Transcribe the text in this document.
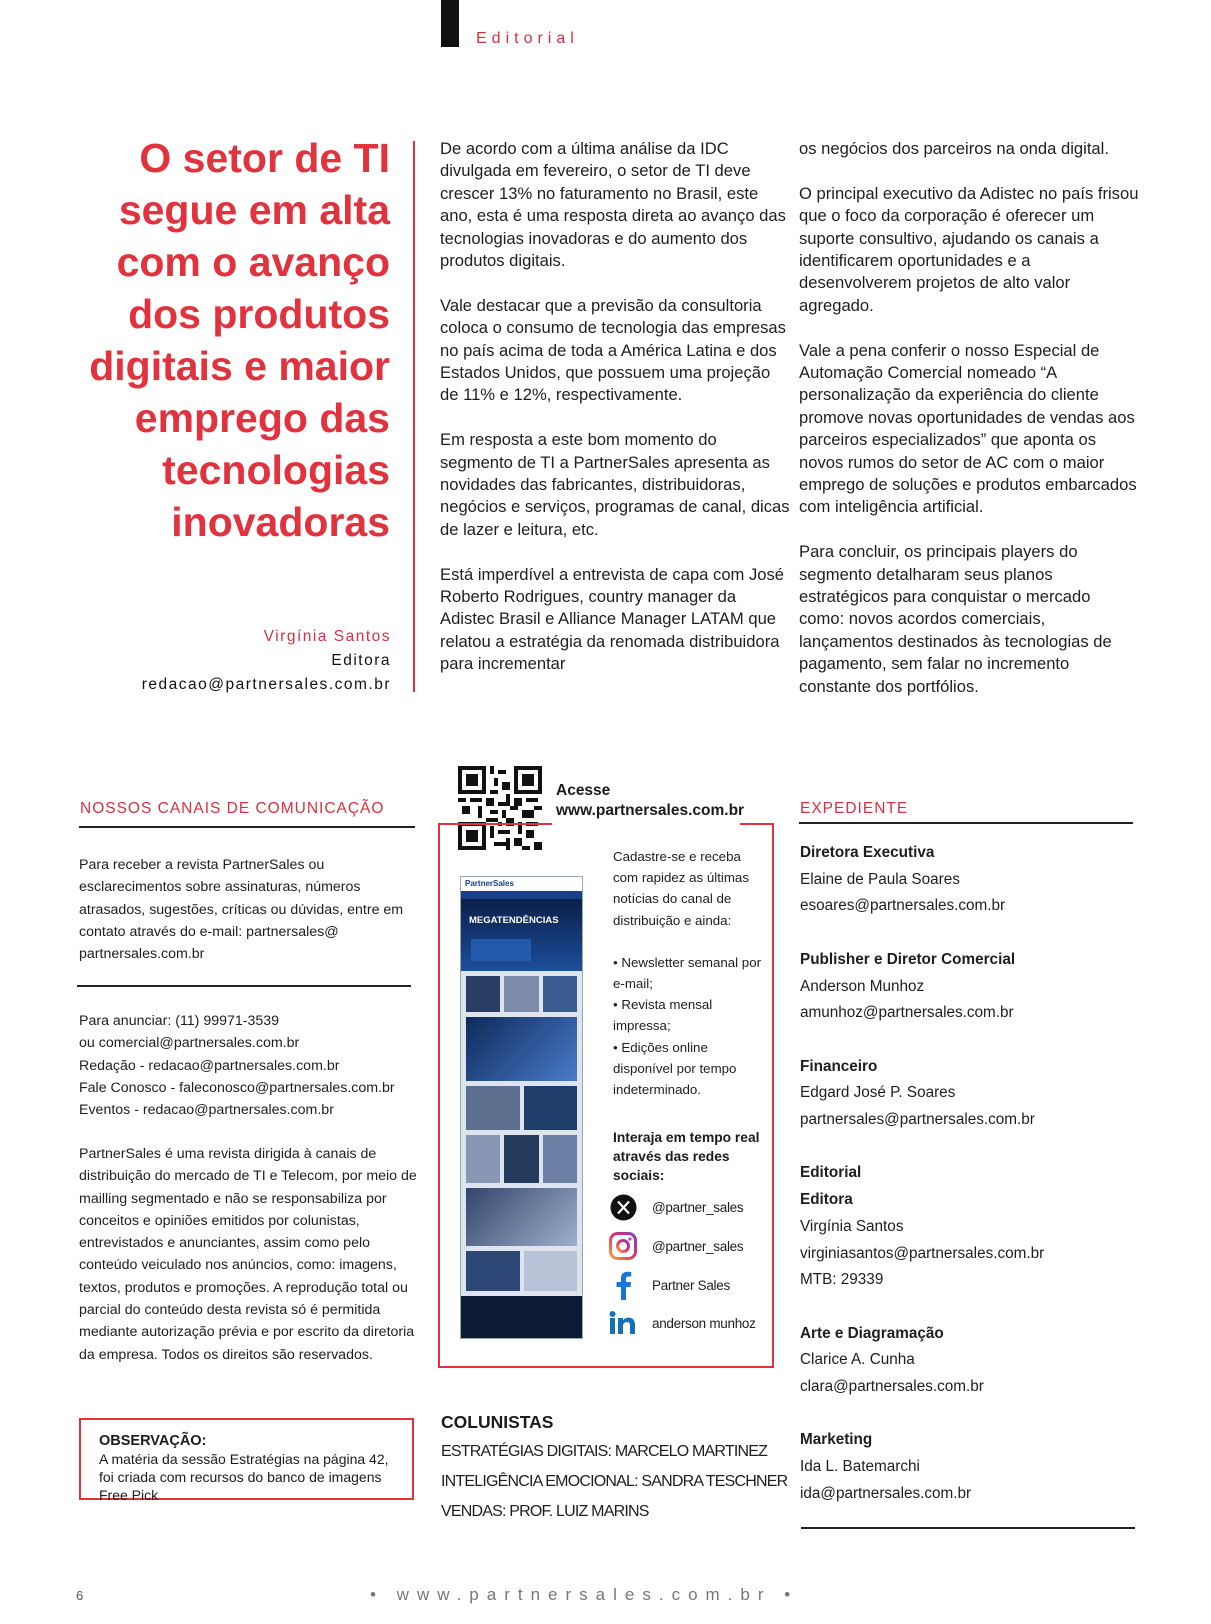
Editorial
O setor de TI
segue em alta
com o avanço
dos produtos
digitais e maior
emprego das
tecnologias
inovadoras
Virgínia Santos
Editora
redacao@partnersales.com.br

De acordo com a última análise da IDC divulgada em fevereiro, o setor de TI deve crescer 13% no faturamento no Brasil, este ano, esta é uma resposta direta ao avanço das tecnologias inovadoras e do aumento dos produtos digitais.

Vale destacar que a previsão da consultoria coloca o consumo de tecnologia das empresas no país acima de toda a América Latina e dos Estados Unidos, que possuem uma projeção de 11% e 12%, respectivamente.

Em resposta a este bom momento do segmento de TI a PartnerSales apresenta as novidades das fabricantes, distribuidoras, negócios e serviços, programas de canal, dicas de lazer e leitura, etc.

Está imperdível a entrevista de capa com José Roberto Rodrigues, country manager da Adistec Brasil e Alliance Manager LATAM que relatou a estratégia da renomada distribuidora para incrementar

os negócios dos parceiros na onda digital.

O principal executivo da Adistec no país frisou que o foco da corporação é oferecer um suporte consultivo, ajudando os canais a identificarem oportunidades e a desenvolverem projetos de alto valor agregado.

Vale a pena conferir o nosso Especial de Automação Comercial nomeado “A personalização da experiência do cliente promove novas oportunidades de vendas aos parceiros especializados” que aponta os novos rumos do setor de AC com o maior emprego de soluções e produtos embarcados com inteligência artificial.

Para concluir, os principais players do segmento detalharam seus planos estratégicos para conquistar o mercado como: novos acordos comerciais, lançamentos destinados às tecnologias de pagamento, sem falar no incremento constante dos portfólios.

NOSSOS CANAIS DE COMUNICAÇÃO
Para receber a revista PartnerSales ou esclarecimentos sobre assinaturas, números atrasados, sugestões, críticas ou dúvidas, entre em contato através do e-mail: partnersales@ partnersales.com.br

Para anunciar: (11) 99971-3539

ou comercial@partnersales.com.br

Redação - redacao@partnersales.com.br

Fale Conosco - faleconosco@partnersales.com.br

Eventos - redacao@partnersales.com.br

PartnerSales é uma revista dirigida à canais de distribuição do mercado de TI e Telecom, por meio de mailling segmentado e não se responsabiliza por conceitos e opiniões emitidos por colunistas, entrevistados e anunciantes, assim como pelo conteúdo veiculado nos anúncios, como: imagens, textos, produtos e promoções. A reprodução total ou parcial do conteúdo desta revista só é permitida mediante autorização prévia e por escrito da diretoria da empresa. Todos os direitos são reservados.
OBSERVAÇÃO:
A matéria da sessão Estratégias na página 42, foi criada com recursos do banco de imagens Free Pick
Acesse
www.partnersales.com.br
PartnerSales
MEGATENDÊNCIAS
Cadastre-se e receba com rapidez as últimas notícias do canal de distribuição e ainda:
• Newsletter semanal por e-mail;
• Revista mensal impressa;
• Edições online disponível por tempo indeterminado.
Interaja em tempo real através das redes sociais:
@partner_sales
@partner_sales
Partner Sales
anderson munhoz
COLUNISTAS
ESTRATÉGIAS DIGITAIS: MARCELO MARTINEZ
INTELIGÊNCIA EMOCIONAL: SANDRA TESCHNER
VENDAS: PROF. LUIZ MARINS
EXPEDIENTE
Diretora Executiva
Elaine de Paula Soares
esoares@partnersales.com.br
Publisher e Diretor Comercial
Anderson Munhoz
amunhoz@partnersales.com.br
Financeiro
Edgard José P. Soares
partnersales@partnersales.com.br
Editorial
Editora
Virgínia Santos
virginiasantos@partnersales.com.br
MTB: 29339
Arte e Diagramação
Clarice A. Cunha
clara@partnersales.com.br
Marketing
Ida L. Batemarchi
ida@partnersales.com.br
6	• www.partnersales.com.br •
